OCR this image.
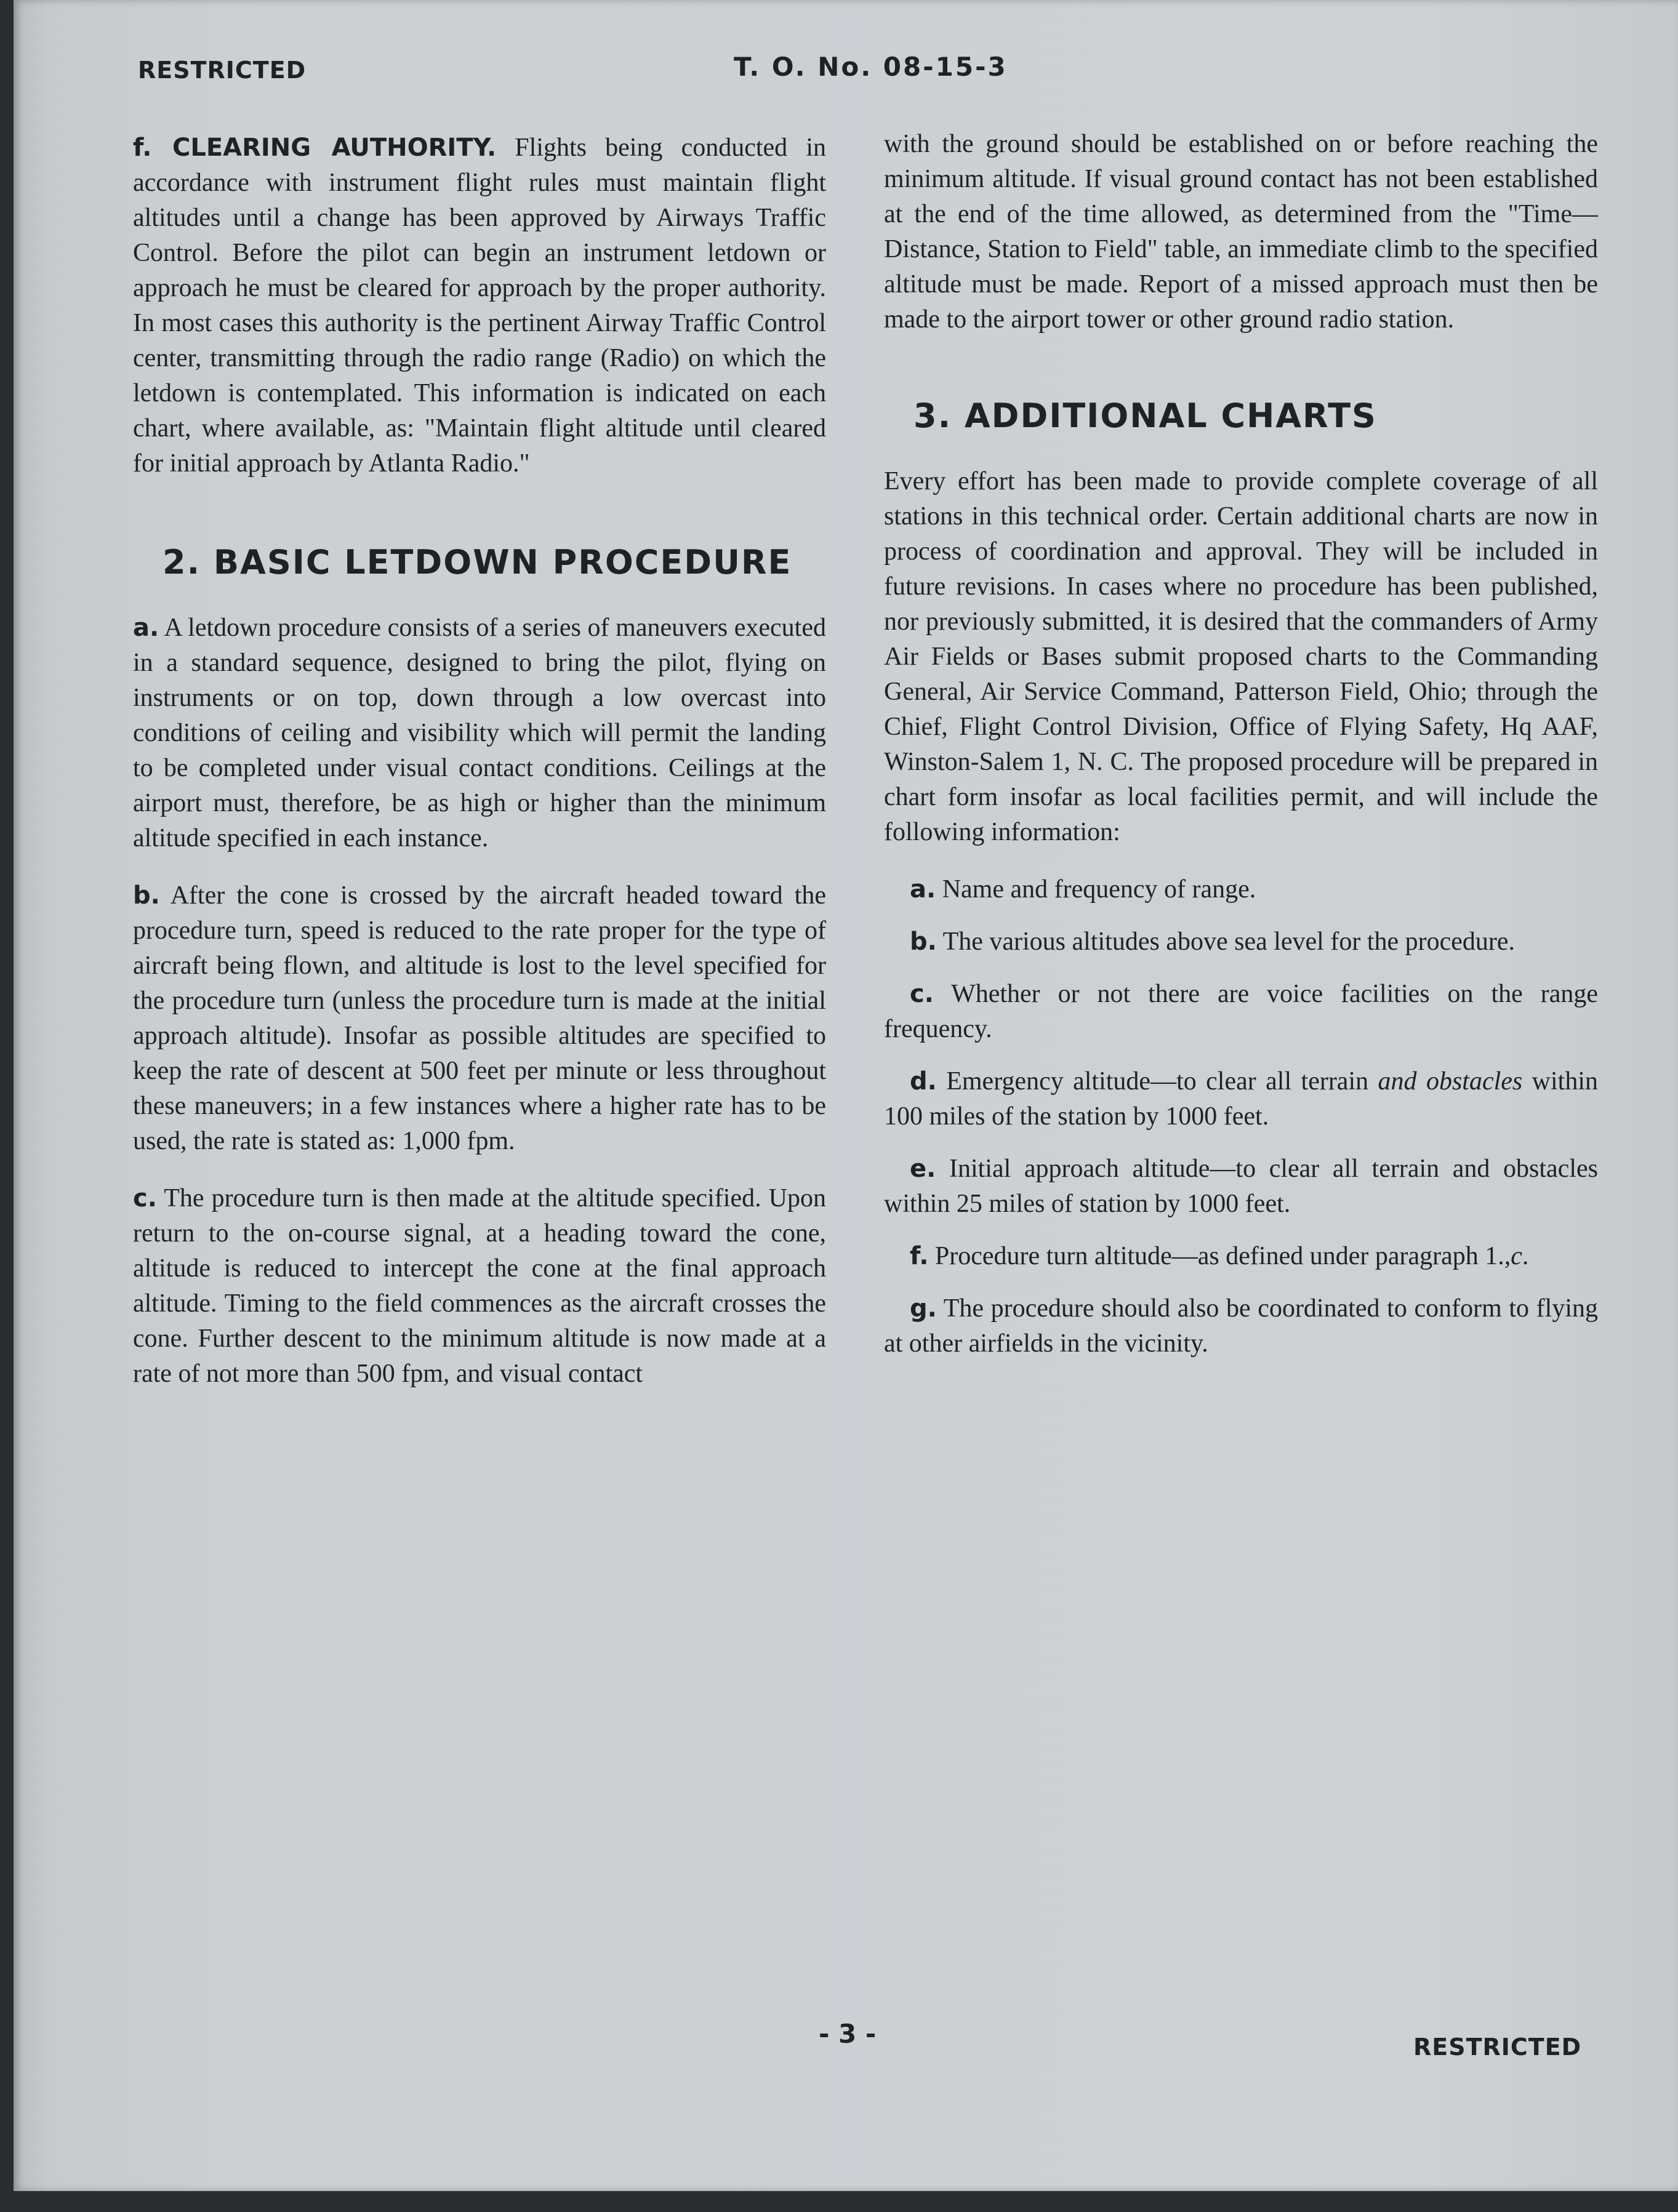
RESTRICTED	T. O. No. 08-15-3

f. CLEARING AUTHORITY. Flights being conducted in accordance with instrument flight rules must maintain flight altitudes until a change has been approved by Airways Traffic Control. Before the pilot can begin an instrument letdown or approach he must be cleared for approach by the proper authority. In most cases this authority is the pertinent Airway Traffic Control center, transmitting through the radio range (Radio) on which the letdown is contemplated. This information is indicated on each chart, where available, as: "Maintain flight altitude until cleared for initial approach by Atlanta Radio."

2. BASIC LETDOWN PROCEDURE

a. A letdown procedure consists of a series of maneuvers executed in a standard sequence, designed to bring the pilot, flying on instruments or on top, down through a low overcast into conditions of ceiling and visibility which will permit the landing to be completed under visual contact conditions. Ceilings at the airport must, therefore, be as high or higher than the minimum altitude specified in each instance.

b. After the cone is crossed by the aircraft headed toward the procedure turn, speed is reduced to the rate proper for the type of aircraft being flown, and altitude is lost to the level specified for the procedure turn (unless the procedure turn is made at the initial approach altitude). Insofar as possible altitudes are specified to keep the rate of descent at 500 feet per minute or less throughout these maneuvers; in a few instances where a higher rate has to be used, the rate is stated as: 1,000 fpm.

c. The procedure turn is then made at the altitude specified. Upon return to the on-course signal, at a heading toward the cone, altitude is reduced to intercept the cone at the final approach altitude. Timing to the field commences as the aircraft crosses the cone. Further descent to the minimum altitude is now made at a rate of not more than 500 fpm, and visual contact

with the ground should be established on or before reaching the minimum altitude. If visual ground contact has not been established at the end of the time allowed, as determined from the "Time—Distance, Station to Field" table, an immediate climb to the specified altitude must be made. Report of a missed approach must then be made to the airport tower or other ground radio station.

3. ADDITIONAL CHARTS

Every effort has been made to provide complete coverage of all stations in this technical order. Certain additional charts are now in process of coordination and approval. They will be included in future revisions. In cases where no procedure has been published, nor previously submitted, it is desired that the commanders of Army Air Fields or Bases submit proposed charts to the Commanding General, Air Service Command, Patterson Field, Ohio; through the Chief, Flight Control Division, Office of Flying Safety, Hq AAF, Winston-Salem 1, N. C. The proposed procedure will be prepared in chart form insofar as local facilities permit, and will include the following information:

a. Name and frequency of range.

b. The various altitudes above sea level for the procedure.

c. Whether or not there are voice facilities on the range frequency.

d. Emergency altitude—to clear all terrain and obstacles within 100 miles of the station by 1000 feet.

e. Initial approach altitude—to clear all terrain and obstacles within 25 miles of station by 1000 feet.

f. Procedure turn altitude—as defined under paragraph 1.,c.

g. The procedure should also be coordinated to conform to flying at other airfields in the vicinity.

- 3 -	RESTRICTED
